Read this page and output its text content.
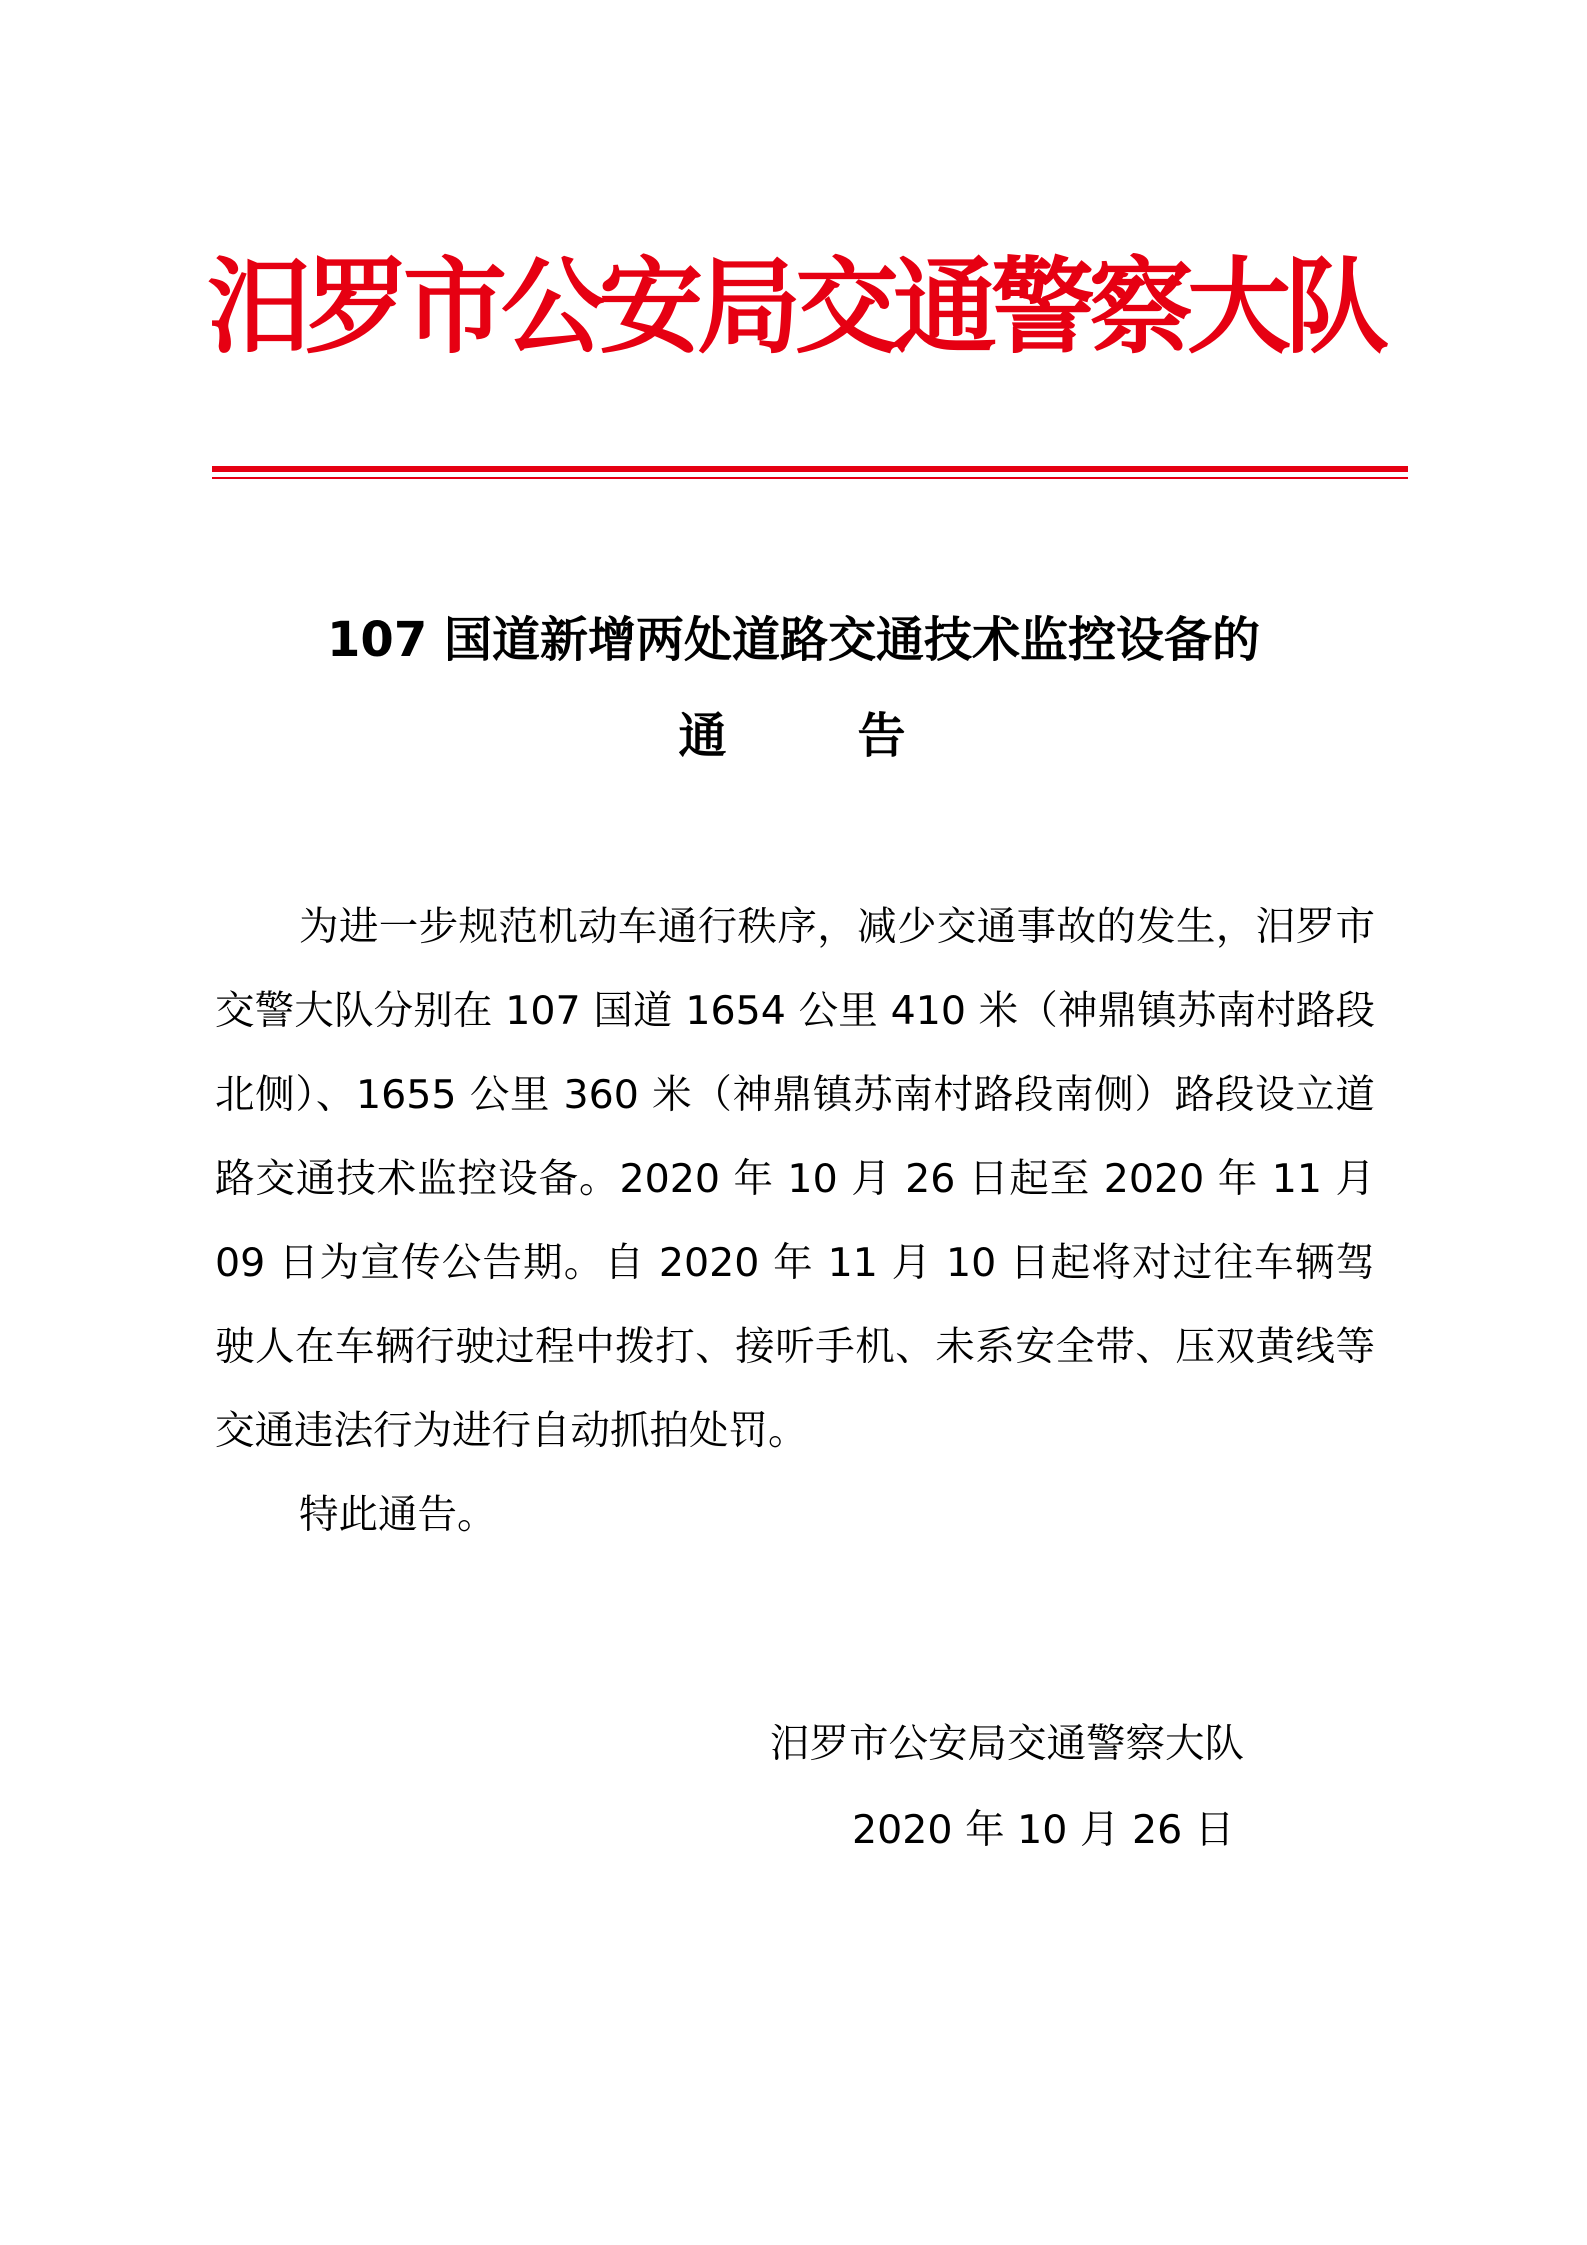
汨罗市公安局交通警察大队
107 国道新增两处道路交通技术监控设备的
通	告

为进一步规范机动车通行秩序，减少交通事故的发生，汨罗市交警大队分别在 107 国道 1654 公里 410 米（神鼎镇苏南村路段北侧）、1655 公里 360 米（神鼎镇苏南村路段南侧）路段设立道路交通技术监控设备。2020 年 10 月 26 日起至 2020 年 11 月 09 日为宣传公告期。自 2020 年 11 月 10 日起将对过往车辆驾驶人在车辆行驶过程中拨打、接听手机、未系安全带、压双黄线等交通违法行为进行自动抓拍处罚。

特此通告。

汨罗市公安局交通警察大队
2020 年 10 月 26 日
